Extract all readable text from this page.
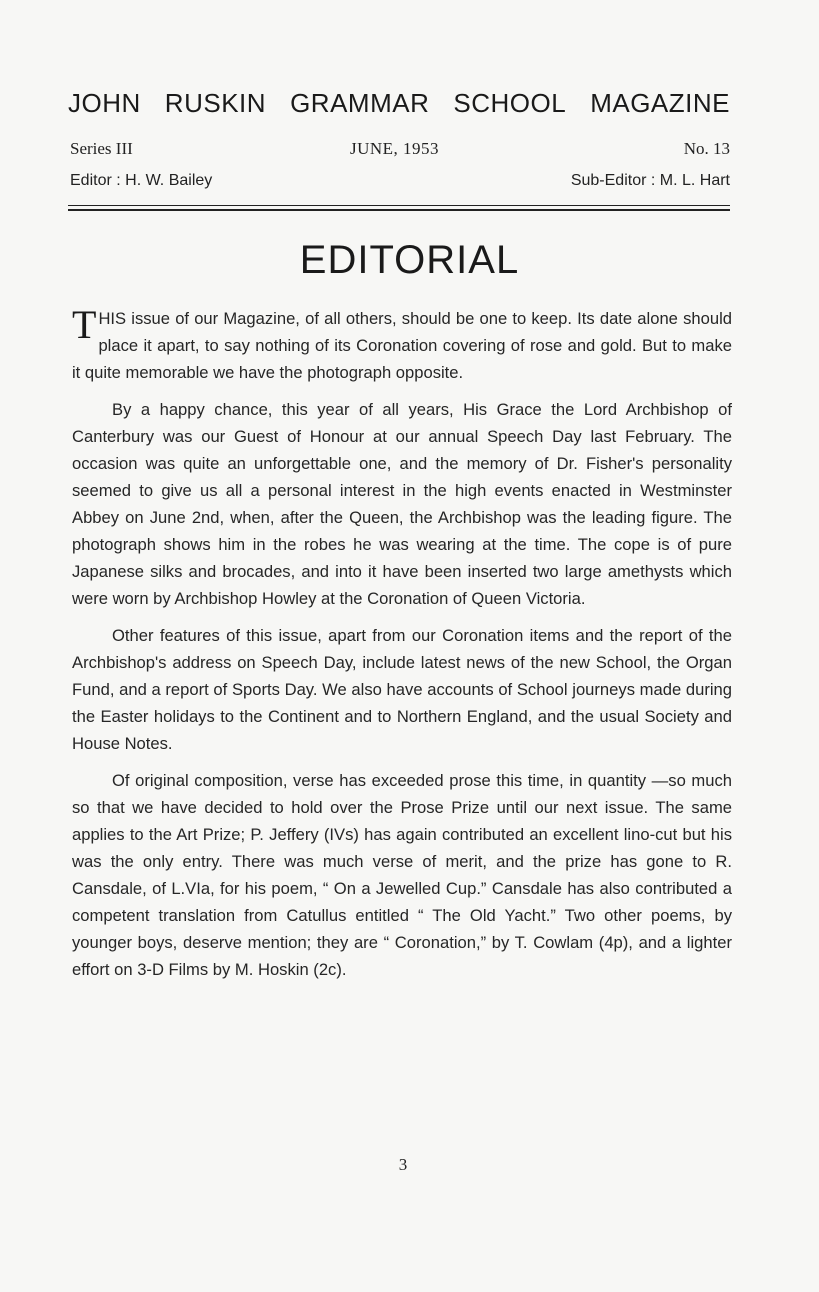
JOHN RUSKIN GRAMMAR SCHOOL MAGAZINE
Series III	JUNE, 1953	No. 13
Editor : H. W. Bailey	Sub-Editor : M. L. Hart
EDITORIAL

THIS issue of our Magazine, of all others, should be one to keep. Its date alone should place it apart, to say nothing of its Coronation covering of rose and gold. But to make it quite memorable we have the photograph opposite.

By a happy chance, this year of all years, His Grace the Lord Archbishop of Canterbury was our Guest of Honour at our annual Speech Day last February. The occasion was quite an unforgettable one, and the memory of Dr. Fisher's personality seemed to give us all a personal interest in the high events enacted in Westminster Abbey on June 2nd, when, after the Queen, the Archbishop was the leading figure. The photograph shows him in the robes he was wearing at the time. The cope is of pure Japanese silks and brocades, and into it have been inserted two large amethysts which were worn by Archbishop Howley at the Coronation of Queen Victoria.

Other features of this issue, apart from our Coronation items and the report of the Archbishop's address on Speech Day, include latest news of the new School, the Organ Fund, and a report of Sports Day. We also have accounts of School journeys made during the Easter holidays to the Continent and to Northern England, and the usual Society and House Notes.

Of original composition, verse has exceeded prose this time, in quantity —so much so that we have decided to hold over the Prose Prize until our next issue. The same applies to the Art Prize; P. Jeffery (IVs) has again contributed an excellent lino-cut but his was the only entry. There was much verse of merit, and the prize has gone to R. Cansdale, of L.VIa, for his poem, “ On a Jewelled Cup.” Cansdale has also contributed a competent translation from Catullus entitled “ The Old Yacht.” Two other poems, by younger boys, deserve mention; they are “ Coronation,” by T. Cowlam (4p), and a lighter effort on 3-D Films by M. Hoskin (2c).

3
